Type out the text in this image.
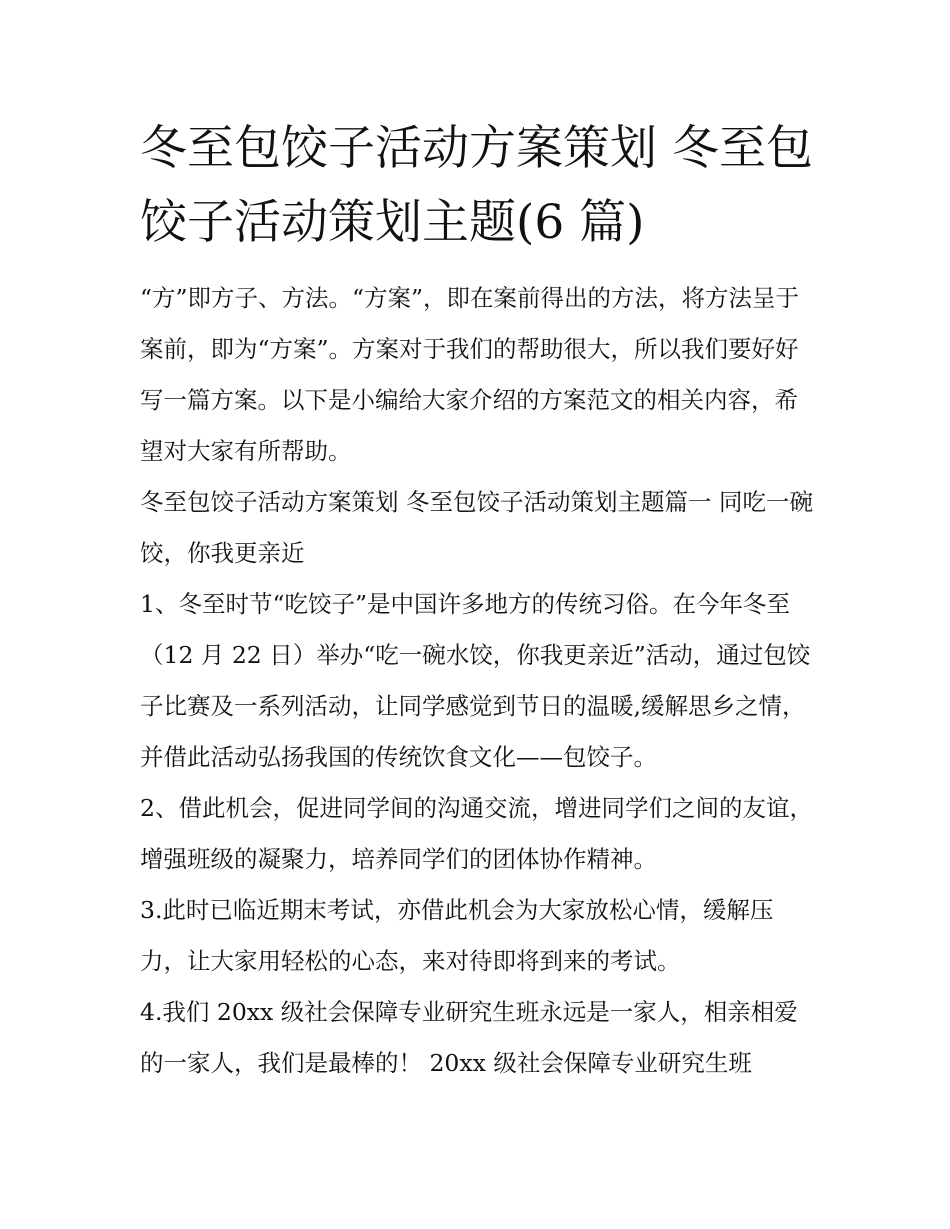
冬至包饺子活动方案策划 冬至包饺子活动策划主题(6 篇)

“方”即方子、方法。“方案”，即在案前得出的方法，将方法呈于案前，即为“方案”。方案对于我们的帮助很大，所以我们要好好写一篇方案。以下是小编给大家介绍的方案范文的相关内容，希望对大家有所帮助。

冬至包饺子活动方案策划 冬至包饺子活动策划主题篇一 同吃一碗饺，你我更亲近

1、冬至时节“吃饺子”是中国许多地方的传统习俗。在今年冬至（12 月 22 日）举办“吃一碗水饺，你我更亲近”活动，通过包饺子比赛及一系列活动，让同学感觉到节日的温暖,缓解思乡之情，并借此活动弘扬我国的传统饮食文化——包饺子。

2、借此机会，促进同学间的沟通交流，增进同学们之间的友谊，增强班级的凝聚力，培养同学们的团体协作精神。

3.此时已临近期末考试，亦借此机会为大家放松心情，缓解压力，让大家用轻松的心态，来对待即将到来的考试。

4.我们 20xx 级社会保障专业研究生班永远是一家人，相亲相爱的一家人，我们是最棒的！ 20xx 级社会保障专业研究生班
